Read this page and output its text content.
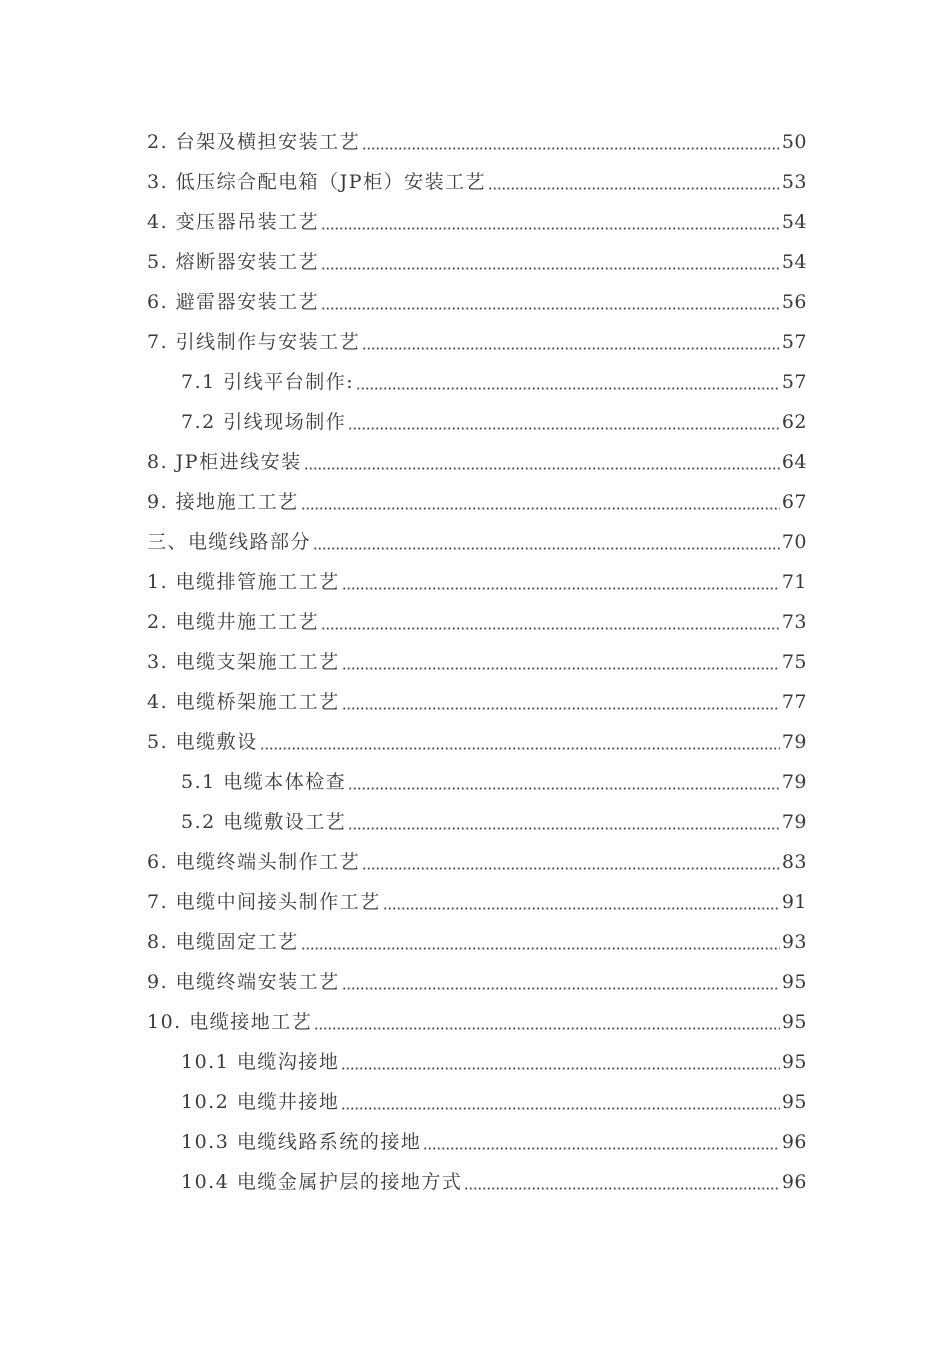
2. 台架及横担安装工艺	50
3. 低压综合配电箱（JP柜）安装工艺	53
4. 变压器吊装工艺	54
5. 熔断器安装工艺	54
6. 避雷器安装工艺	56
7. 引线制作与安装工艺	57
7.1 引线平台制作:	57
7.2 引线现场制作	62
8. JP柜进线安装	64
9. 接地施工工艺	67
三、电缆线路部分	70
1. 电缆排管施工工艺	71
2. 电缆井施工工艺	73
3. 电缆支架施工工艺	75
4. 电缆桥架施工工艺	77
5. 电缆敷设	79
5.1 电缆本体检查	79
5.2 电缆敷设工艺	79
6. 电缆终端头制作工艺	83
7. 电缆中间接头制作工艺	91
8. 电缆固定工艺	93
9. 电缆终端安装工艺	95
10. 电缆接地工艺	95
10.1 电缆沟接地	95
10.2 电缆井接地	95
10.3 电缆线路系统的接地	96
10.4 电缆金属护层的接地方式	96
